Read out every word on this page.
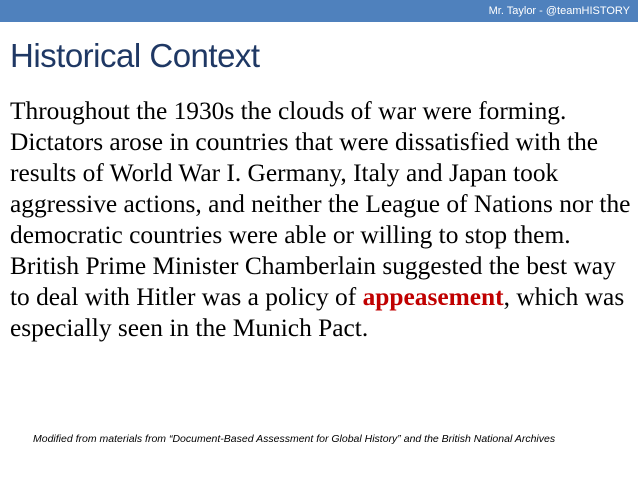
Mr. Taylor - @teamHISTORY
Historical Context

Throughout the 1930s the clouds of war were forming. Dictators arose in countries that were dissatisfied with the results of World War I. Germany, Italy and Japan took aggressive actions, and neither the League of Nations nor the democratic countries were able or willing to stop them. British Prime Minister Chamberlain suggested the best way to deal with Hitler was a policy of appeasement, which was especially seen in the Munich Pact.

Modified from materials from “Document-Based Assessment for Global History” and the British National Archives
